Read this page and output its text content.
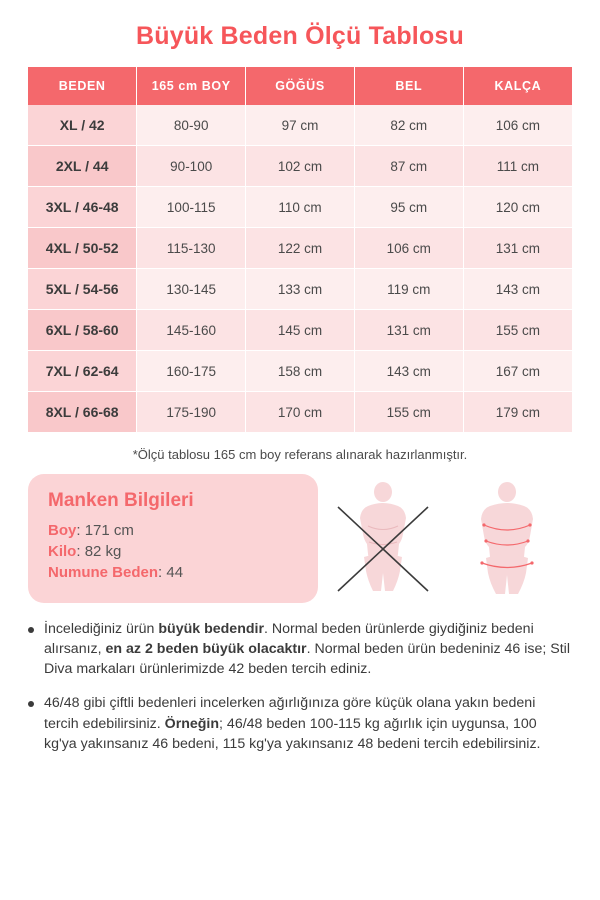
Büyük Beden Ölçü Tablosu
BEDEN	165 cm BOY	GÖĞÜS	BEL	KALÇA
XL / 42	80-90	97 cm	82 cm	106 cm
2XL / 44	90-100	102 cm	87 cm	111 cm
3XL / 46-48	100-115	110 cm	95 cm	120 cm
4XL / 50-52	115-130	122 cm	106 cm	131 cm
5XL / 54-56	130-145	133 cm	119 cm	143 cm
6XL / 58-60	145-160	145 cm	131 cm	155 cm
7XL / 62-64	160-175	158 cm	143 cm	167 cm
8XL / 66-68	175-190	170 cm	155 cm	179 cm
*Ölçü tablosu 165 cm boy referans alınarak hazırlanmıştır.
Manken Bilgileri
Boy: 171 cm
Kilo: 82 kg
Numune Beden: 44

İncelediğiniz ürün büyük bedendir. Normal beden ürünlerde giydiğiniz bedeni alırsanız, en az 2 beden büyük olacaktır. Normal beden ürün bedeniniz 46 ise; Stil Diva markaları ürünlerimizde 42 beden tercih ediniz.

46/48 gibi çiftli bedenleri incelerken ağırlığınıza göre küçük olana yakın bedeni tercih edebilirsiniz. Örneğin; 46/48 beden 100-115 kg ağırlık için uygunsa, 100 kg'ya yakınsanız 46 bedeni, 115 kg'ya yakınsanız 48 bedeni tercih edebilirsiniz.
